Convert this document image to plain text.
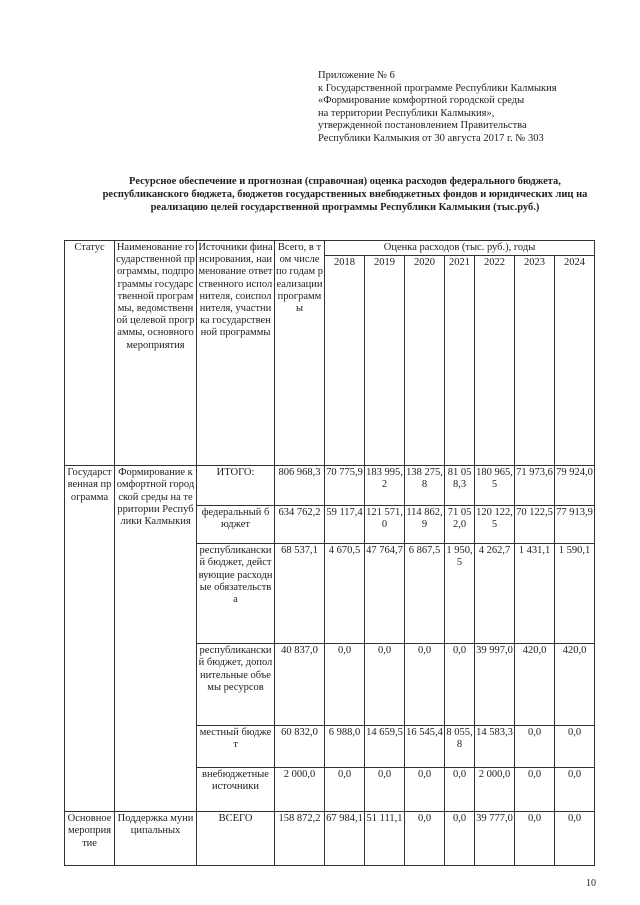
Приложение № 6
к Государственной программе Республики Калмыкия
«Формирование комфортной городской среды
на территории Республики Калмыкия»,
утвержденной постановлением Правительства
Республики Калмыкия от 30 августа 2017 г. № 303
Ресурсное обеспечение и прогнозная (справочная) оценка расходов федерального бюджета, республиканского бюджета, бюджетов государственных внебюджетных фондов и юридических лиц на реализацию целей государственной программы Республики Калмыкия (тыс.руб.)
Статус	Наименование государственной программы, подпрограммы государственной программы, ведомственной целевой программы, основного мероприятия	Источники финансирования, наименование ответственного исполнителя, соисполнителя, участника государственной программы	Всего, в том числе по годам реализации программы	Оценка расходов (тыс. руб.), годы						
				2018	2019	2020	2021	2022	2023	2024
Государственная программа	Формирование комфортной городской среды на территории Республики Калмыкия	ИТОГО:	806 968,3	70 775,9	183 995,2	138 275,8	81 058,3	180 965,5	71 973,6	79 924,0
		федеральный бюджет	634 762,2	59 117,4	121 571,0	114 862,9	71 052,0	120 122,5	70 122,5	77 913,9
		республиканский бюджет, действующие расходные обязательства	68 537,1	4 670,5	47 764,7	6 867,5	1 950,5	4 262,7	1 431,1	1 590,1
		республиканский бюджет, дополнительные объемы ресурсов	40 837,0	0,0	0,0	0,0	0,0	39 997,0	420,0	420,0
		местный бюджет	60 832,0	6 988,0	14 659,5	16 545,4	8 055,8	14 583,3	0,0	0,0
		внебюджетные источники	2 000,0	0,0	0,0	0,0	0,0	2 000,0	0,0	0,0
Основное мероприятие	Поддержка муниципальных	ВСЕГО	158 872,2	67 984,1	51 111,1	0,0	0,0	39 777,0	0,0	0,0
10
